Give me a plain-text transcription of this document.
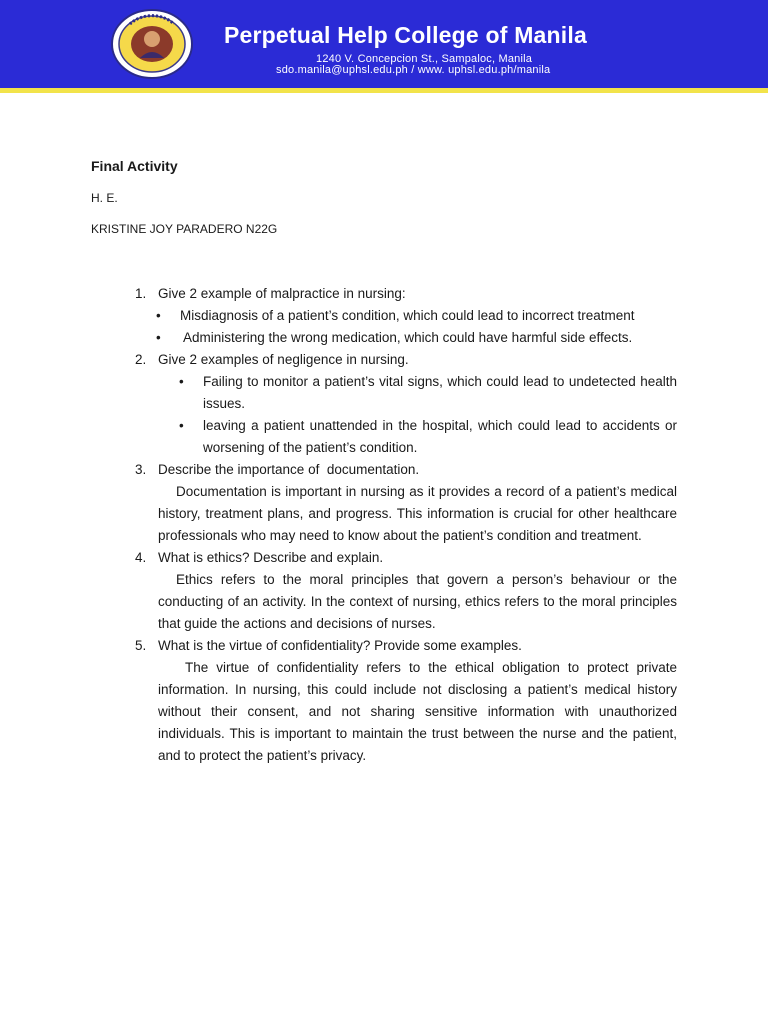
Perpetual Help College of Manila
1240 V. Concepcion St., Sampaloc, Manila
sdo.manila@uphsl.edu.ph / www. uphsl.edu.ph/manila
Final Activity
H. E.
KRISTINE JOY PARADERO N22G
1. Give 2 example of malpractice in nursing:
•	Misdiagnosis of a patient’s condition, which could lead to incorrect treatment
•	Administering the wrong medication, which could have harmful side effects.
2. Give 2 examples of negligence in nursing.
•	Failing to monitor a patient’s vital signs, which could lead to undetected health issues.
•	leaving a patient unattended in the hospital, which could lead to accidents or worsening of the patient’s condition.
3. Describe the importance of  documentation.
Documentation is important in nursing as it provides a record of a patient’s medical history, treatment plans, and progress. This information is crucial for other healthcare professionals who may need to know about the patient’s condition and treatment.
4. What is ethics? Describe and explain.
Ethics refers to the moral principles that govern a person’s behaviour or the conducting of an activity. In the context of nursing, ethics refers to the moral principles that guide the actions and decisions of nurses.
5. What is the virtue of confidentiality? Provide some examples.
The virtue of confidentiality refers to the ethical obligation to protect private information. In nursing, this could include not disclosing a patient’s medical history without their consent, and not sharing sensitive information with unauthorized individuals. This is important to maintain the trust between the nurse and the patient, and to protect the patient’s privacy.
